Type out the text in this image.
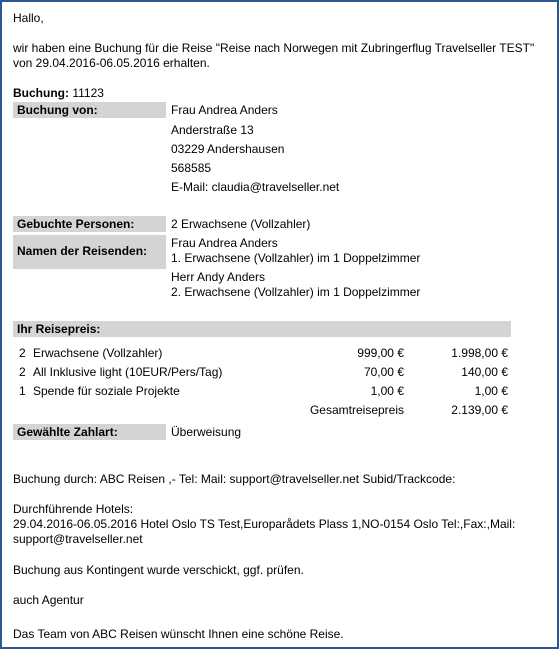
Hallo,
wir haben eine Buchung für die Reise "Reise nach Norwegen mit Zubringerflug Travelseller TEST"
von 29.04.2016-06.05.2016 erhalten.
Buchung: 11123
Buchung von:	Frau Andrea Anders
Anderstraße 13
03229 Andershausen
568585
E-Mail: claudia@travelseller.net
Gebuchte Personen:	2 Erwachsene (Vollzahler)
Namen der Reisenden:
Frau Andrea Anders
1. Erwachsene (Vollzahler) im 1 Doppelzimmer
Herr Andy Anders
2. Erwachsene (Vollzahler) im 1 Doppelzimmer
Ihr Reisepreis:
2 Erwachsene (Vollzahler)	999,00 €	1.998,00 €
2 All Inklusive light (10EUR/Pers/Tag)	70,00 €	140,00 €
1 Spende für soziale Projekte	1,00 €	1,00 €
Gesamtreisepreis	2.139,00 €
Gewählte Zahlart:	Überweisung
Buchung durch: ABC Reisen ,- Tel: Mail: support@travelseller.net Subid/Trackcode:
Durchführende Hotels:
29.04.2016-06.05.2016 Hotel Oslo TS Test,Europarådets Plass 1,NO-0154 Oslo Tel:,Fax:,Mail:
support@travelseller.net
Buchung aus Kontingent wurde verschickt, ggf. prüfen.
auch Agentur
Das Team von ABC Reisen wünscht Ihnen eine schöne Reise.
